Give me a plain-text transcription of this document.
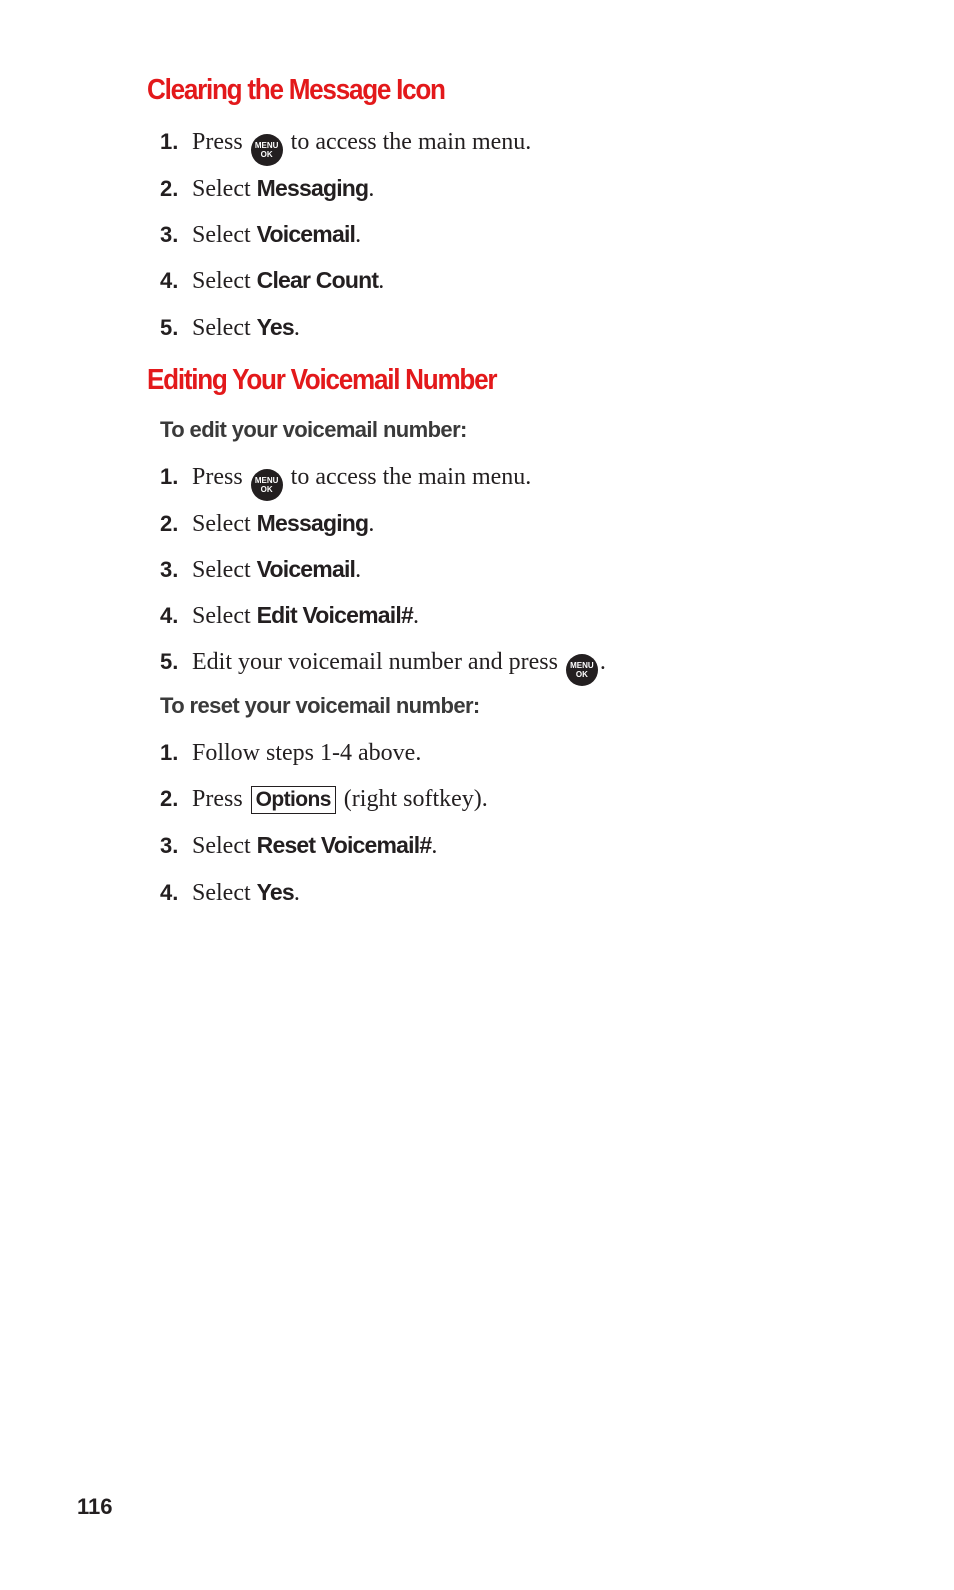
Clearing the Message Icon
1. Press	MENU
OK to access the main menu.
2. Select Messaging.
3. Select Voicemail.
4. Select Clear Count.
5. Select Yes.
Editing Your Voicemail Number

To edit your voicemail number:

1. Press	MENU
OK to access the main menu.
2. Select Messaging.
3. Select Voicemail.
4. Select Edit Voicemail#.
5. Edit your voicemail number and press	MENU
OK .

To reset your voicemail number:

1. Follow steps 1-4 above.
2. Press Options (right softkey).
3. Select Reset Voicemail#.
4. Select Yes.
116
